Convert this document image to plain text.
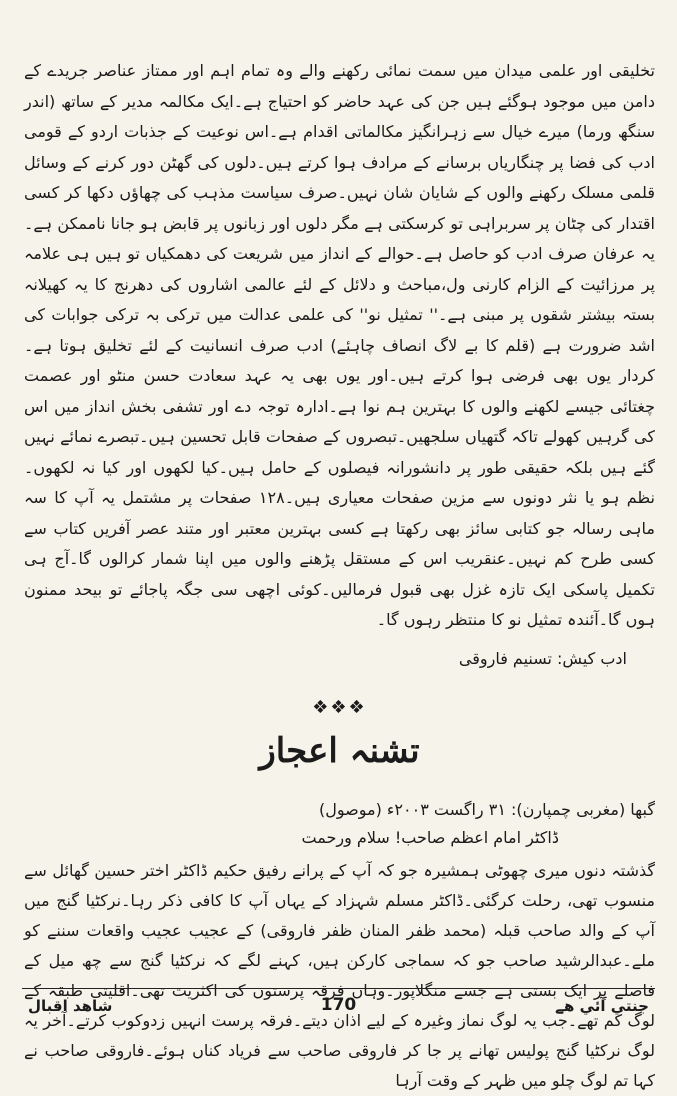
تخلیقی اور علمی میدان میں سمت نمائی رکھنے والے وہ تمام اہم اور ممتاز عناصر جریدے کے دامن میں موجود ہوگئے ہیں جن کی عہد حاضر کو احتیاج ہے۔ایک مکالمہ مدیر کے ساتھ (اندر سنگھ ورما) میرے خیال سے زہرانگیز مکالماتی اقدام ہے۔اس نوعیت کے جذبات اردو کے قومی ادب کی فضا پر چنگاریاں برسانے کے مرادف ہوا کرتے ہیں۔دلوں کی گھٹن دور کرنے کے وسائل قلمی مسلک رکھنے والوں کے شایان شان نہیں۔صرف سیاست مذہب کی چھاؤں دکھا کر کسی اقتدار کی چٹان پر سربراہی تو کرسکتی ہے مگر دلوں اور زبانوں پر قابض ہو جانا ناممکن ہے۔یہ عرفان صرف ادب کو حاصل ہے۔حوالے کے انداز میں شریعت کی دھمکیاں تو ہیں ہی علامہ پر مرزائیت کے الزام کارنی ول،مباحث و دلائل کے لئے عالمی اشاروں کی دھرنج کا یہ کھیلانہ بستہ بیشتر شقوں پر مبنی ہے۔'' تمثیل نو'' کی علمی عدالت میں ترکی بہ ترکی جوابات کی اشد ضرورت ہے (قلم کا بے لاگ انصاف چاہئے) ادب صرف انسانیت کے لئے تخلیق ہوتا ہے۔کردار یوں بھی فرضی ہوا کرتے ہیں۔اور یوں بھی یہ عہد سعادت حسن منٹو اور عصمت چغتائی جیسے لکھنے والوں کا بہترین ہم نوا ہے۔ادارہ توجہ دے اور تشفی بخش انداز میں اس کی گرہیں کھولے تاکہ گتھیاں سلجھیں۔تبصروں کے صفحات قابل تحسین ہیں۔تبصرے نمائے نہیں گئے ہیں بلکہ حقیقی طور پر دانشورانہ فیصلوں کے حامل ہیں۔کیا لکھوں اور کیا نہ لکھوں۔نظم ہو یا نثر دونوں سے مزین صفحات معیاری ہیں۔۱۲۸ صفحات پر مشتمل یہ آپ کا سہ ماہی رسالہ جو کتابی سائز بھی رکھتا ہے کسی بہترین معتبر اور متند عصر آفریں کتاب سے کسی طرح کم نہیں۔عنقریب اس کے مستقل پڑھنے والوں میں اپنا شمار کرالوں گا۔آج ہی تکمیل پاسکی ایک تازہ غزل بھی قبول فرمالیں۔کوئی اچھی سی جگہ پاجائے تو بیحد ممنون ہوں گا۔آئندہ تمثیل نو کا منتظر رہوں گا۔

ادب کیش: تسنیم فاروقی
❖❖❖
تشنہ اعجاز
گبھا (مغربی چمپارن): ۳۱ راگست ۲۰۰۳ء (موصول)
ڈاکٹر امام اعظم صاحب! سلام ورحمت

گذشتہ دنوں میری چھوٹی ہمشیرہ جو کہ آپ کے پرانے رفیق حکیم ڈاکٹر اختر حسین گھائل سے منسوب تھی، رحلت کرگئی۔ڈاکٹر مسلم شہزاد کے یہاں آپ کا کافی ذکر رہا۔نرکٹیا گنج میں آپ کے والد صاحب قبلہ (محمد ظفر المنان ظفر فاروقی) کے عجیب عجیب واقعات سننے کو ملے۔عبدالرشید صاحب جو کہ سماجی کارکن ہیں، کہنے لگے کہ نرکٹیا گنج سے چھ میل کے فاصلے پر ایک بستی ہے جسے منگلاپور۔وہاں فرقہ پرستوں کی اکثریت تھی۔اقلیتی طبقہ کے لوگ کم تھے۔جب یہ لوگ نماز وغیرہ کے لیے اذان دیتے۔فرقہ پرست انہیں زدوکوب کرتے۔آخر یہ لوگ نرکٹیا گنج پولیس تھانے پر جا کر فاروقی صاحب سے فریاد کناں ہوئے۔فاروقی صاحب نے کہا تم لوگ چلو میں ظہر کے وقت آرہا

شاهد اقبال	170	جنتي آئي هے
